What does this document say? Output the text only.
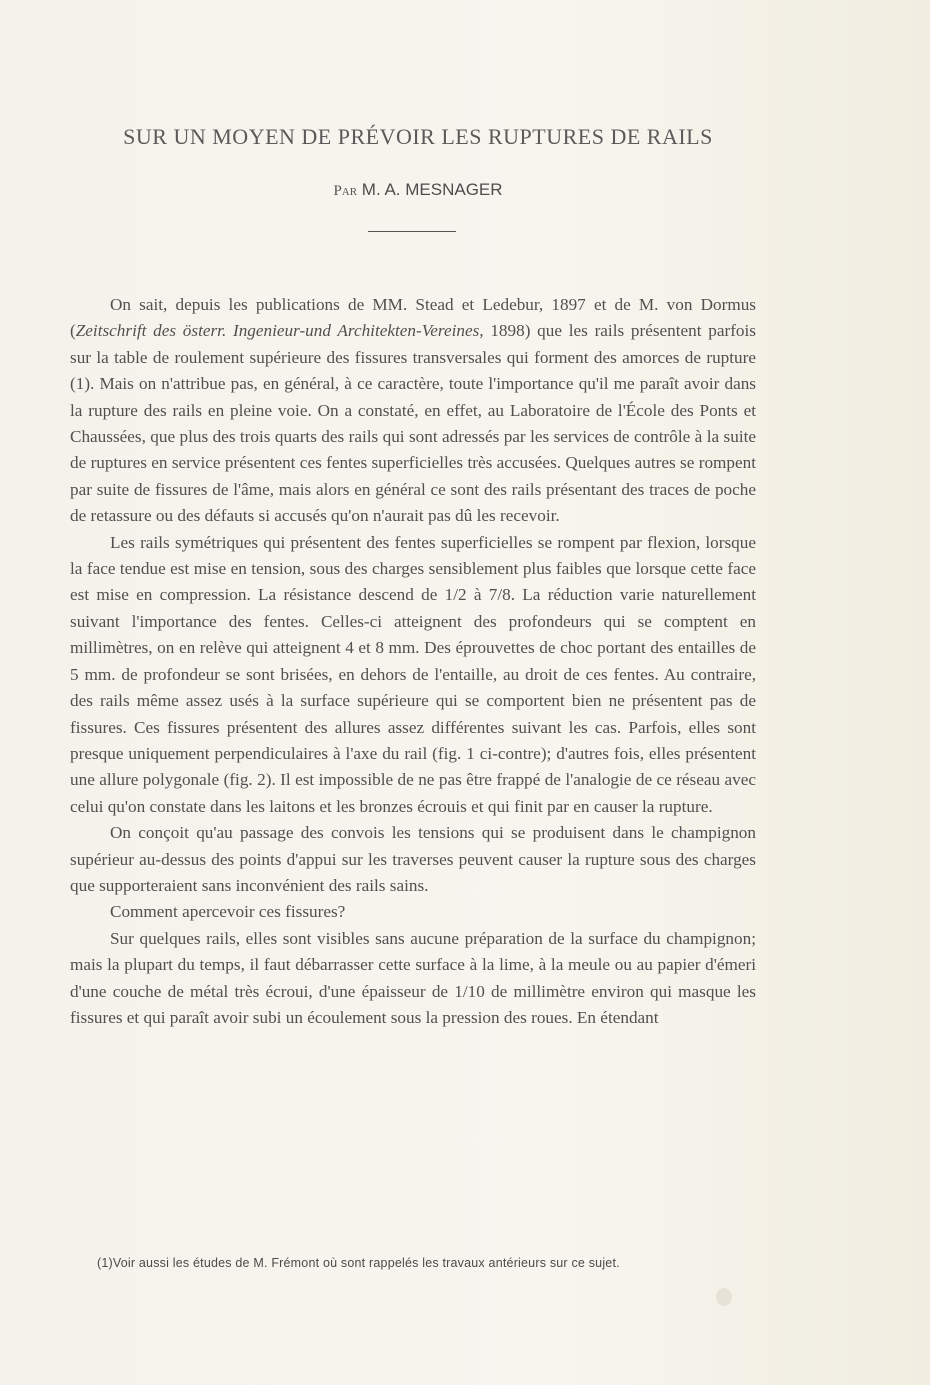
SUR UN MOYEN DE PRÉVOIR LES RUPTURES DE RAILS
Par M. A. MESNAGER

On sait, depuis les publications de MM. Stead et Ledebur, 1897 et de M. von Dormus (Zeitschrift des österr. Ingenieur-und Architekten-Vereines, 1898) que les rails présentent parfois sur la table de roulement supérieure des fissures transversales qui forment des amorces de rupture (1). Mais on n'attribue pas, en général, à ce caractère, toute l'importance qu'il me paraît avoir dans la rupture des rails en pleine voie. On a constaté, en effet, au Laboratoire de l'École des Ponts et Chaussées, que plus des trois quarts des rails qui sont adressés par les services de contrôle à la suite de ruptures en service présentent ces fentes superficielles très accusées. Quelques autres se rompent par suite de fissures de l'âme, mais alors en général ce sont des rails présentant des traces de poche de retassure ou des défauts si accusés qu'on n'aurait pas dû les recevoir.

Les rails symétriques qui présentent des fentes superficielles se rompent par flexion, lorsque la face tendue est mise en tension, sous des charges sensiblement plus faibles que lorsque cette face est mise en compression. La résistance descend de 1/2 à 7/8. La réduction varie naturellement suivant l'importance des fentes. Celles-ci atteignent des profondeurs qui se comptent en millimètres, on en relève qui atteignent 4 et 8 mm. Des éprouvettes de choc portant des entailles de 5 mm. de profondeur se sont brisées, en dehors de l'entaille, au droit de ces fentes. Au contraire, des rails même assez usés à la surface supérieure qui se comportent bien ne présentent pas de fissures. Ces fissures présentent des allures assez différentes suivant les cas. Parfois, elles sont presque uniquement perpendiculaires à l'axe du rail (fig. 1 ci-contre); d'autres fois, elles présentent une allure polygonale (fig. 2). Il est impossible de ne pas être frappé de l'analogie de ce réseau avec celui qu'on constate dans les laitons et les bronzes écrouis et qui finit par en causer la rupture.

On conçoit qu'au passage des convois les tensions qui se produisent dans le champignon supérieur au-dessus des points d'appui sur les traverses peuvent causer la rupture sous des charges que supporteraient sans inconvénient des rails sains.

Comment apercevoir ces fissures?

Sur quelques rails, elles sont visibles sans aucune préparation de la surface du champignon; mais la plupart du temps, il faut débarrasser cette surface à la lime, à la meule ou au papier d'émeri d'une couche de métal très écroui, d'une épaisseur de 1/10 de millimètre environ qui masque les fissures et qui paraît avoir subi un écoulement sous la pression des roues. En étendant

(1)Voir aussi les études de M. Frémont où sont rappelés les travaux antérieurs sur ce sujet.
